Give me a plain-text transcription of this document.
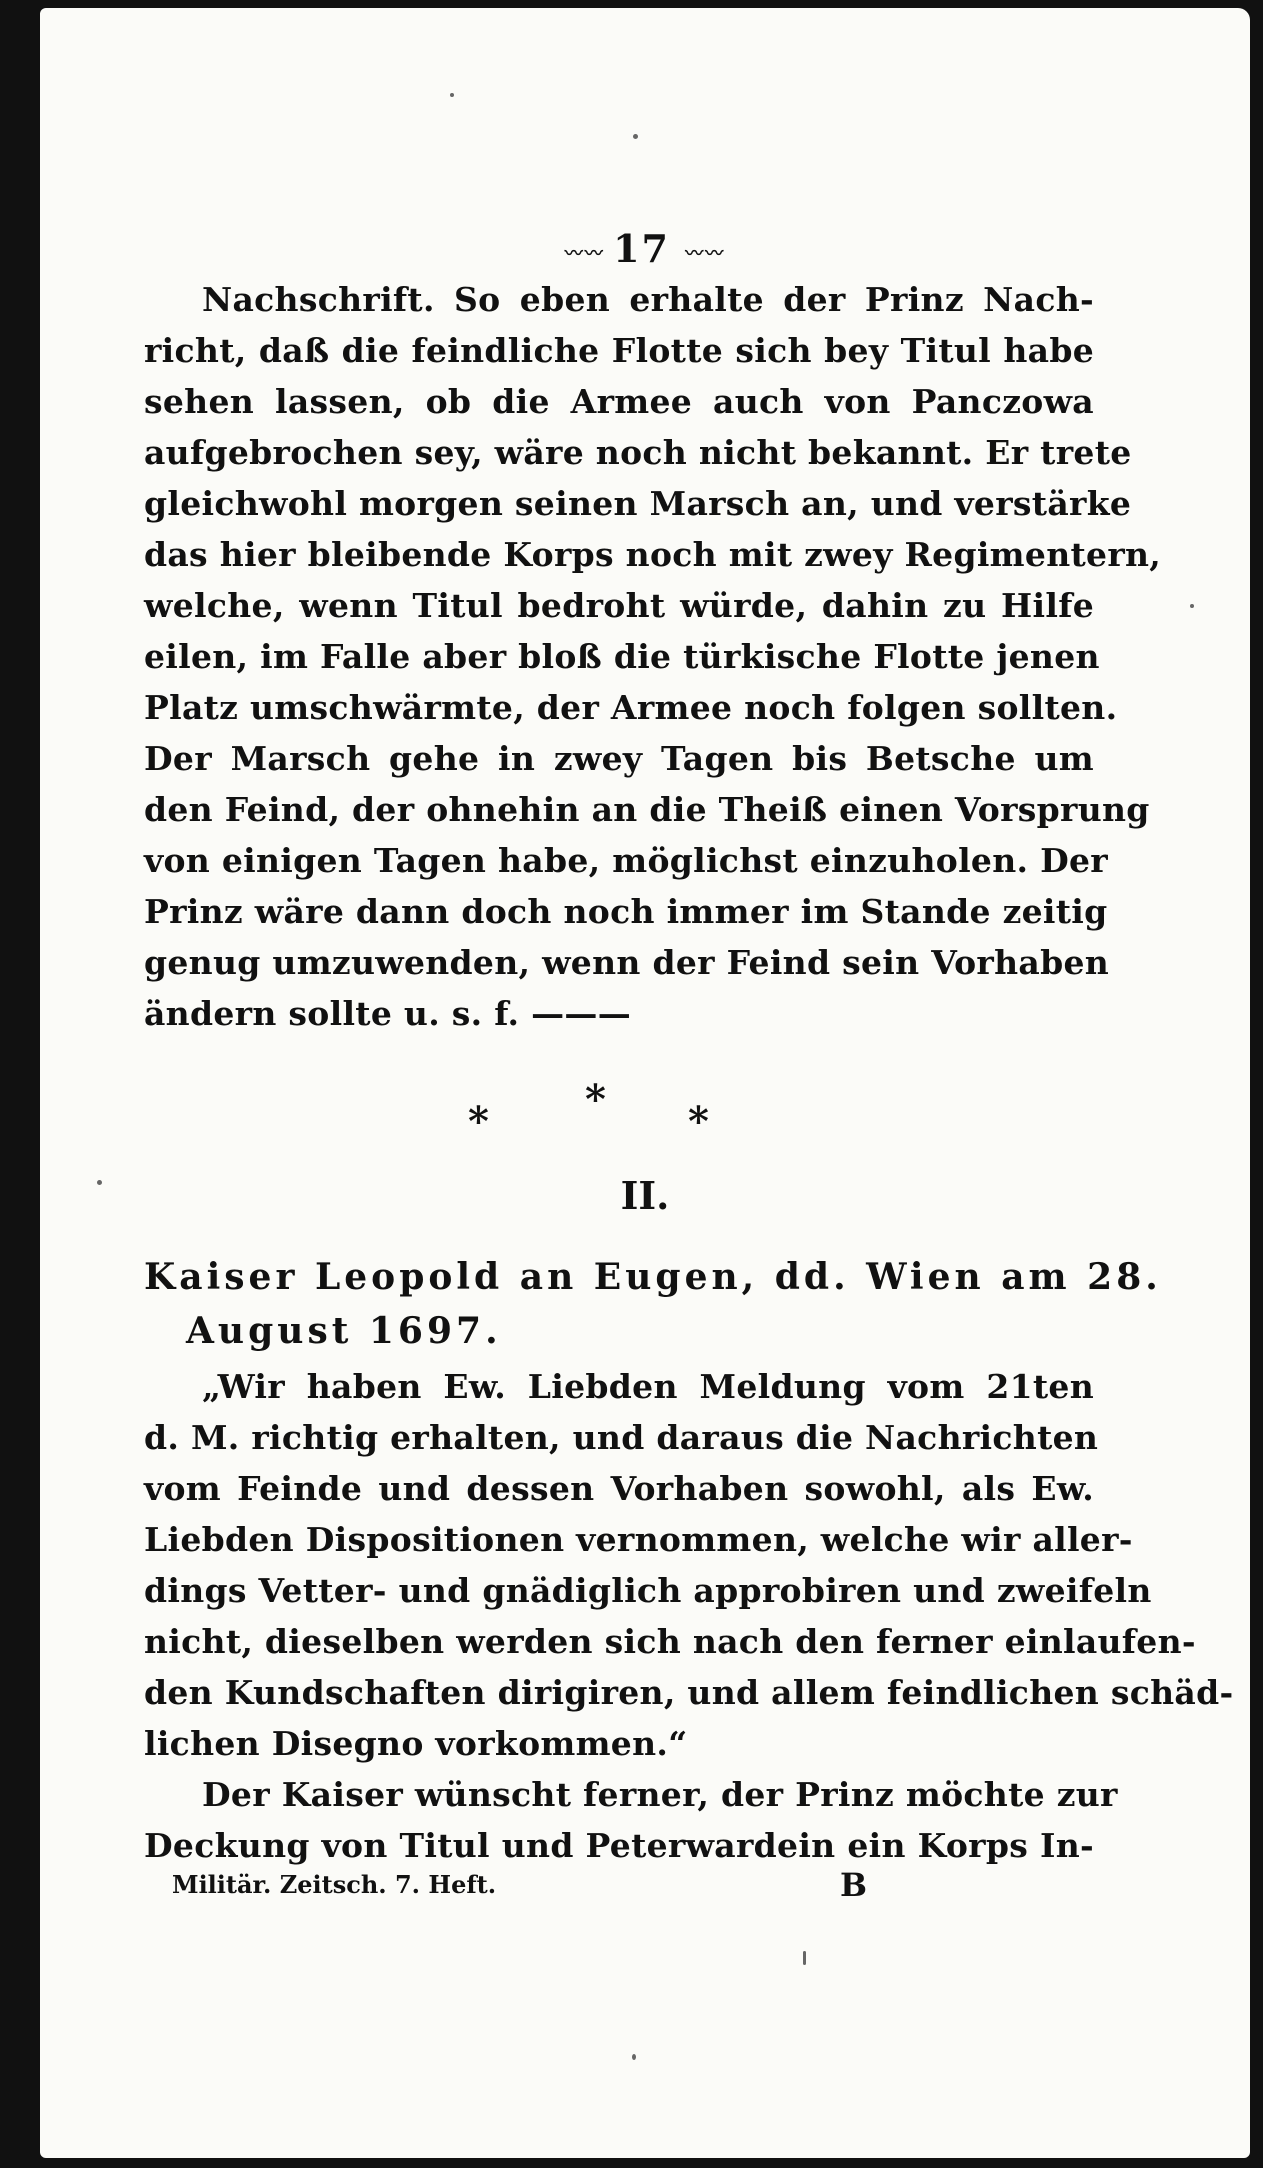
〰〰 17 〰〰
Nachschrift. So eben erhalte der Prinz Nach-
richt, daß die feindliche Flotte sich bey Titul habe
sehen lassen, ob die Armee auch von Panczowa
aufgebrochen sey, wäre noch nicht bekannt. Er trete
gleichwohl morgen seinen Marsch an, und verstärke
das hier bleibende Korps noch mit zwey Regimentern,
welche, wenn Titul bedroht würde, dahin zu Hilfe
eilen, im Falle aber bloß die türkische Flotte jenen
Platz umschwärmte, der Armee noch folgen sollten.
Der Marsch gehe in zwey Tagen bis Betsche um
den Feind, der ohnehin an die Theiß einen Vorsprung
von einigen Tagen habe, möglichst einzuholen. Der
Prinz wäre dann doch noch immer im Stande zeitig
genug umzuwenden, wenn der Feind sein Vorhaben
ändern sollte u. s. f. ———
*
*	*
II.
Kaiser Leopold an Eugen, dd. Wien am 28.
August 1697.
„Wir haben Ew. Liebden Meldung vom 21ten
d. M. richtig erhalten, und daraus die Nachrichten
vom Feinde und dessen Vorhaben sowohl, als Ew.
Liebden Dispositionen vernommen, welche wir aller-
dings Vetter- und gnädiglich approbiren und zweifeln
nicht, dieselben werden sich nach den ferner einlaufen-
den Kundschaften dirigiren, und allem feindlichen schäd-
lichen Disegno vorkommen.“
Der Kaiser wünscht ferner, der Prinz möchte zur
Deckung von Titul und Peterwardein ein Korps In-
Militär. Zeitsch. 7. Heft.	B
